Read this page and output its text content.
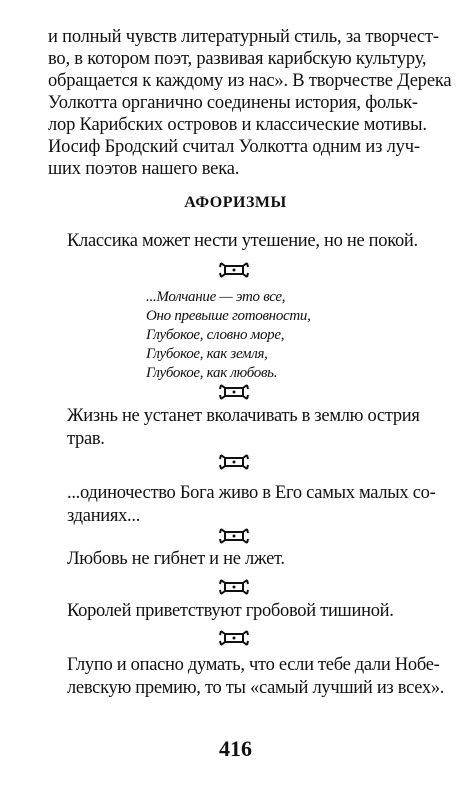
и полный чувств литературный стиль, за творчест-
во, в котором поэт, развивая карибскую культуру,
обращается к каждому из нас». В творчестве Дерека
Уолкотта органично соединены история, фольк-
лор Карибских островов и классические мотивы.
Иосиф Бродский считал Уолкотта одним из луч-
ших поэтов нашего века.
АФОРИЗМЫ
Классика может нести утешение, но не покой.
...Молчание — это все,
Оно превыше готовности,
Глубокое, словно море,
Глубокое, как земля,
Глубокое, как любовь.
Жизнь не устанет вколачивать в землю острия
трав.
...одиночество Бога живо в Его самых малых со-
зданиях...
Любовь не гибнет и не лжет.
Королей приветствуют гробовой тишиной.
Глупо и опасно думать, что если тебе дали Нобе-
левскую премию, то ты «самый лучший из всех».
416
